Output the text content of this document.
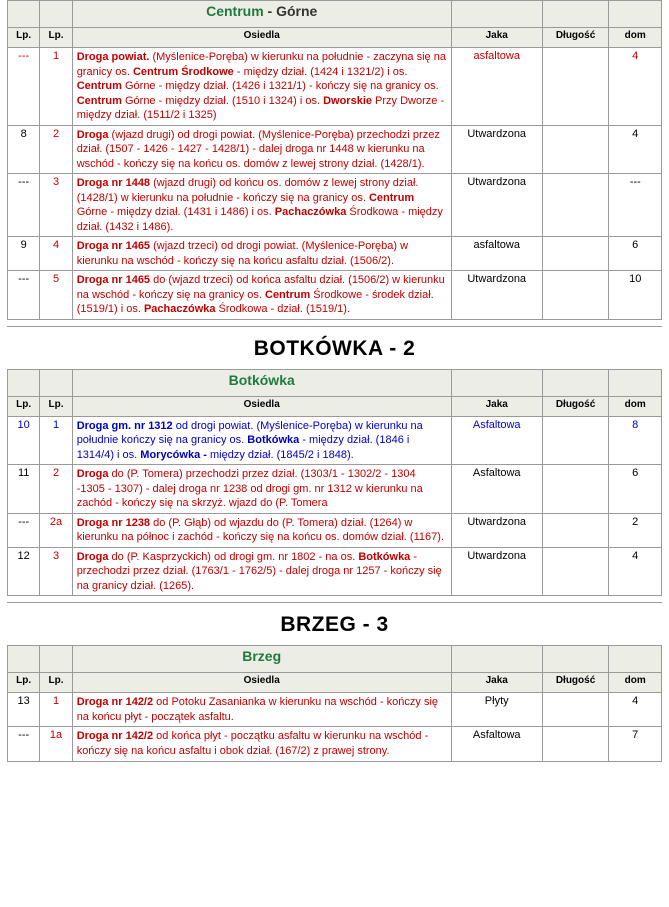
		Centrum - Górne			
Lp.	Lp.	Osiedla	Jaka	Długość	dom
---	1	Droga powiat. (Myślenice-Poręba) w kierunku na południe - zaczyna się na granicy os. Centrum Środkowe - między dział. (1424 i 1321/2) i os. Centrum Górne - między dział. (1426 i 1321/1) - kończy się na granicy os. Centrum Górne - między dział. (1510 i 1324) i os. Dworskie Przy Dworze - między dział. (1511/2 i 1325)	asfaltowa		4
8	2	Droga (wjazd drugi) od drogi powiat. (Myślenice-Poręba) przechodzi przez dział. (1507 - 1426 - 1427 - 1428/1) - dalej droga nr 1448 w kierunku na wschód - kończy się na końcu os. domów z lewej strony dział. (1428/1).	Utwardzona		4
---	3	Droga nr 1448 (wjazd drugi) od końcu os. domów z lewej strony dział. (1428/1) w kierunku na południe - kończy się na granicy os. Centrum Górne - między dział. (1431 i 1486) i os. Pachaczówka Środkowa - między dział. (1432 i 1486).	Utwardzona		---
9	4	Droga nr 1465 (wjazd trzeci) od drogi powiat. (Myślenice-Poręba) w kierunku na wschód - kończy się na końcu asfaltu dział. (1506/2).	asfaltowa		6
---	5	Droga nr 1465 do (wjazd trzeci) od końca asfaltu dział. (1506/2) w kierunku na wschód - kończy się na granicy os. Centrum Środkowe - środek dział. (1519/1) i os. Pachaczówka Środkowa - dział. (1519/1).	Utwardzona		10
BOTKÓWKA - 2
		Botkówka			
Lp.	Lp.	Osiedla	Jaka	Długość	dom
10	1	Droga gm. nr 1312 od drogi powiat. (Myślenice-Poręba) w kierunku na południe kończy się na granicy os. Botkówka - między dział. (1846 i 1314/4) i os. Morycówka - między dział. (1845/2 i 1848).	Asfaltowa		8
11	2	Droga do (P. Tomera) przechodzi przez dział. (1303/1 - 1302/2 - 1304 -1305 - 1307) - dalej droga nr 1238 od drogi gm. nr 1312 w kierunku na zachód - kończy się na skrzyż. wjazd do (P. Tomera	Asfaltowa		6
---	2a	Droga nr 1238 do (P. Głąb) od wjazdu do (P. Tomera) dział. (1264) w kierunku na północ i zachód - kończy się na końcu os. domów dział. (1167).	Utwardzona		2
12	3	Droga do (P. Kasprzyckich) od drogi gm. nr 1802 - na os. Botkówka - przechodzi przez dział. (1763/1 - 1762/5) - dalej droga nr 1257 - kończy się na granicy dział. (1265).	Utwardzona		4
BRZEG - 3
		Brzeg			
Lp.	Lp.	Osiedla	Jaka	Długość	dom
13	1	Droga nr 142/2 od Potoku Zasanianka w kierunku na wschód - kończy się na końcu płyt - początek asfaltu.	Płyty		4
---	1a	Droga nr 142/2 od końca płyt - początku asfaltu w kierunku na wschód - kończy się na końcu asfaltu i obok dział. (167/2) z prawej strony.	Asfaltowa		7
